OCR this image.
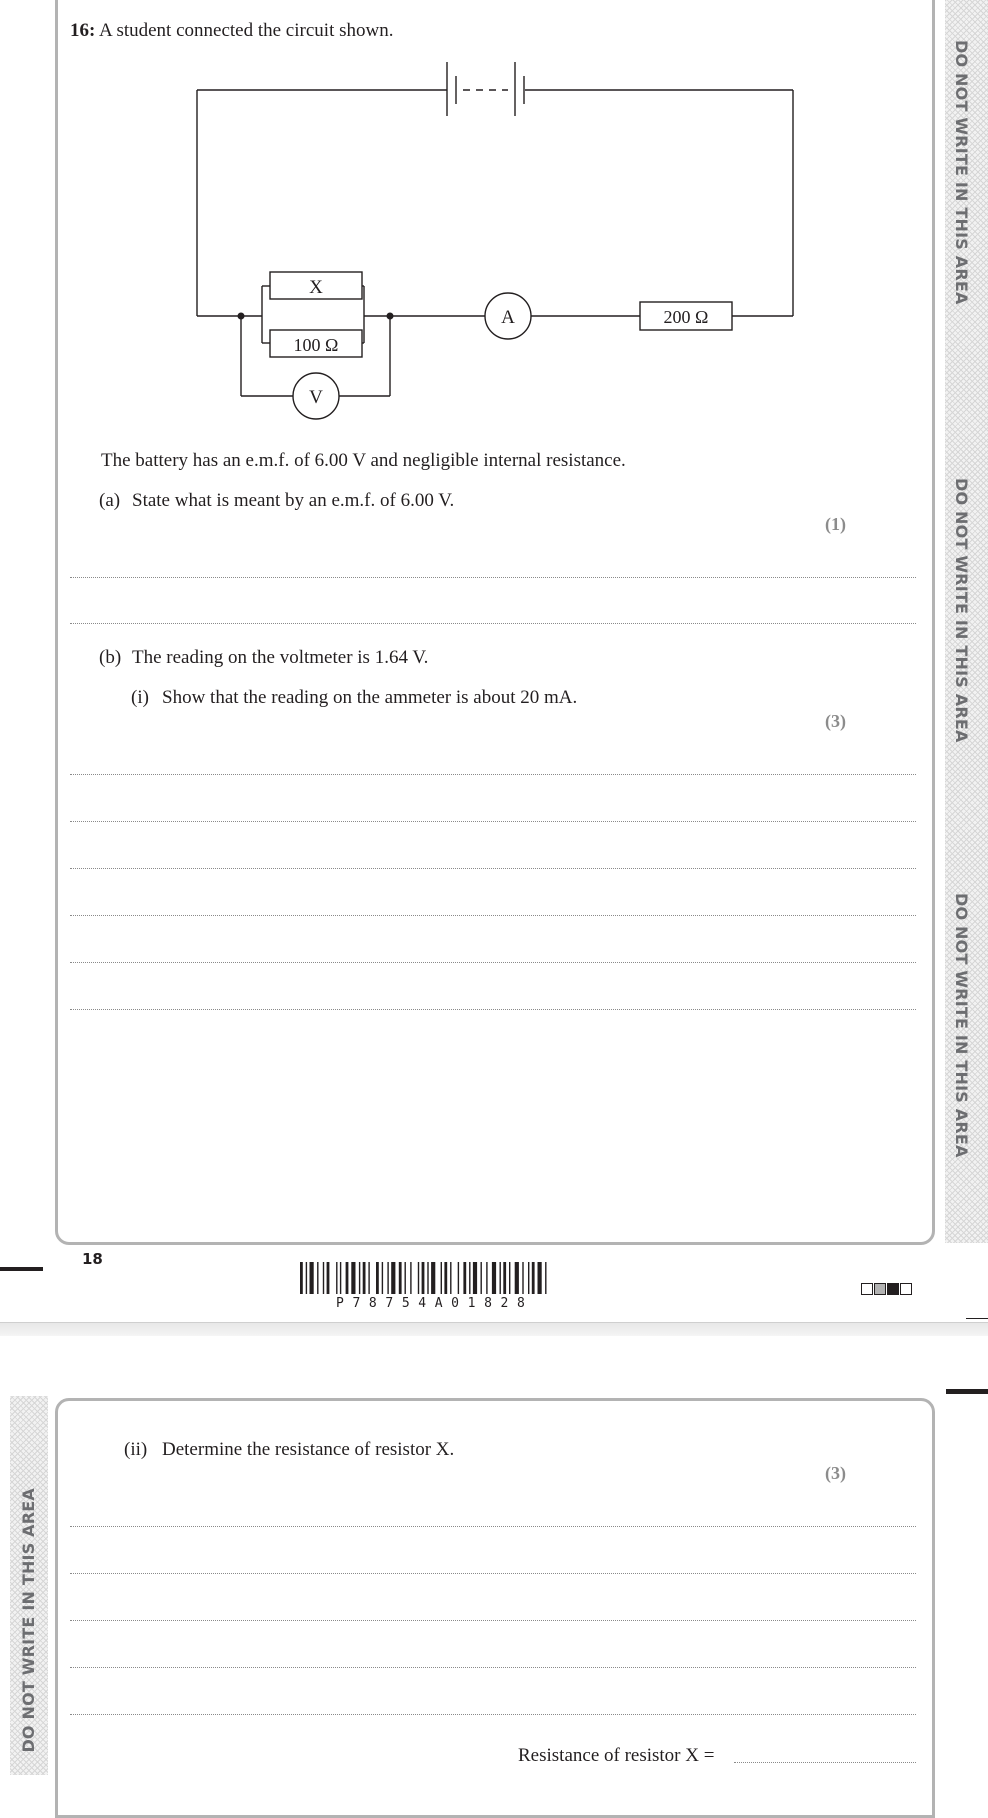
DO NOT WRITE IN THIS AREA
DO NOT WRITE IN THIS AREA
DO NOT WRITE IN THIS AREA
16: A student connected the circuit shown.
X
100 Ω
200 Ω
A
V
The battery has an e.m.f. of 6.00 V and negligible internal resistance.
(a) State what is meant by an e.m.f. of 6.00 V.
(1)
(b) The reading on the voltmeter is 1.64 V.
(i) Show that the reading on the ammeter is about 20 mA.
(3)
18
P 7 8 7 5 4 A 0 1 8 2 8
DO NOT WRITE IN THIS AREA
(ii) Determine the resistance of resistor X.
(3)
Resistance of resistor X =
